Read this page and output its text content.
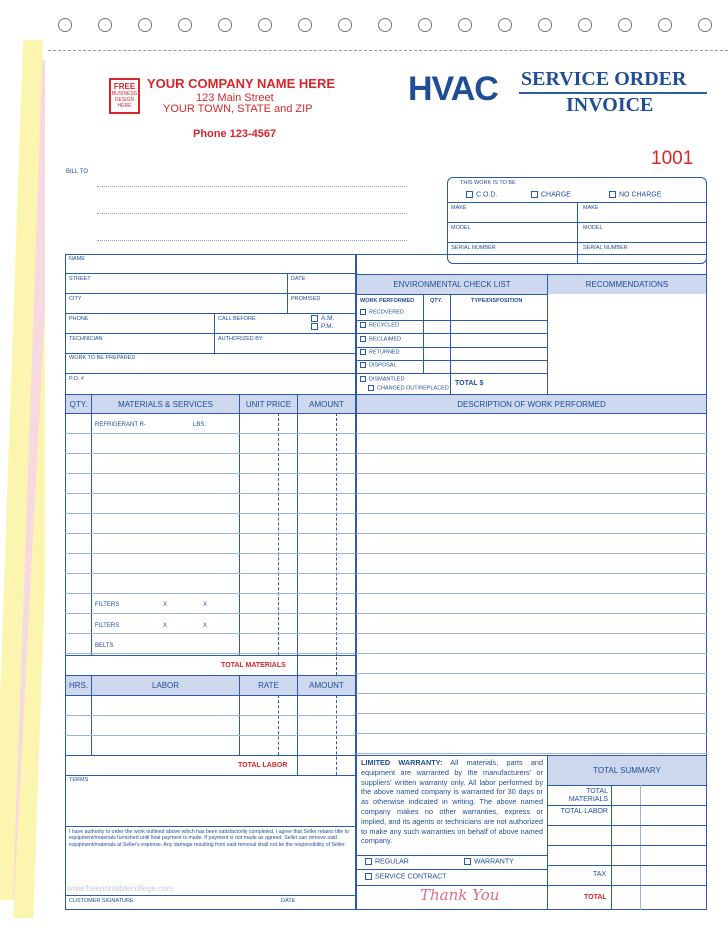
FREE
BUSINESS
DESIGN
HERE
YOUR COMPANY NAME HERE
123 Main Street
YOUR TOWN, STATE and ZIP
Phone 123-4567
HVAC SERVICE ORDER
INVOICE
1001
BILL TO
THIS WORK IS TO BE
C.O.D.	CHARGE	NO CHARGE
MAKE	MAKE
MODEL	MODEL
SERIAL NUMBER	SERIAL NUMBER
NAME
STREET	DATE
CITY	PROMISED
PHONE	CALL BEFORE	A.M.
P.M.
TECHNICIAN	AUTHORIZED BY
WORK TO BE PREPARED
P.O. #
ENVIRONMENTAL CHECK LIST	RECOMMENDATIONS
WORK PERFORMED	QTY.	TYPE/DISPOSITION
RECOVERED
RECYCLED
RECLAIMED
RETURNED
DISPOSAL
DISMANTLED
CHANGED OUT/REPLACED
TOTAL $
QTY.	MATERIALS & SERVICES	UNIT PRICE	AMOUNT	DESCRIPTION OF WORK PERFORMED
REFRIGERANT R-	LBS.
FILTERS	X	X
FILTERS	X	X
BELTS
TOTAL MATERIALS
HRS.	LABOR	RATE	AMOUNT
TOTAL LABOR
TERMS
I have authority to order the work outlined above which has been satisfactorily completed. I agree that Seller retains title to equipment/materials furnished until final payment is made. If payment is not made as agreed, Seller can remove said equipment/materials at Seller's expense. Any damage resulting from said removal shall not be the responsibility of Seller.
www.freeprintablecollege.com
CUSTOMER SIGNATURE	DATE
LIMITED WARRANTY: All materials, parts and equipment are warranted by the manufacturers' or suppliers' written warranty only. All labor performed by the above named company is warranted for 30 days or as otherwise indicated in writing. The above named company makes no other warranties, express or implied, and its agents or technicians are not authorized to make any such warranties on behalf of above named company.
REGULAR	WARRANTY
SERVICE CONTRACT
Thank You
TOTAL SUMMARY
TOTAL MATERIALS
TOTAL LABOR
TAX
TOTAL
